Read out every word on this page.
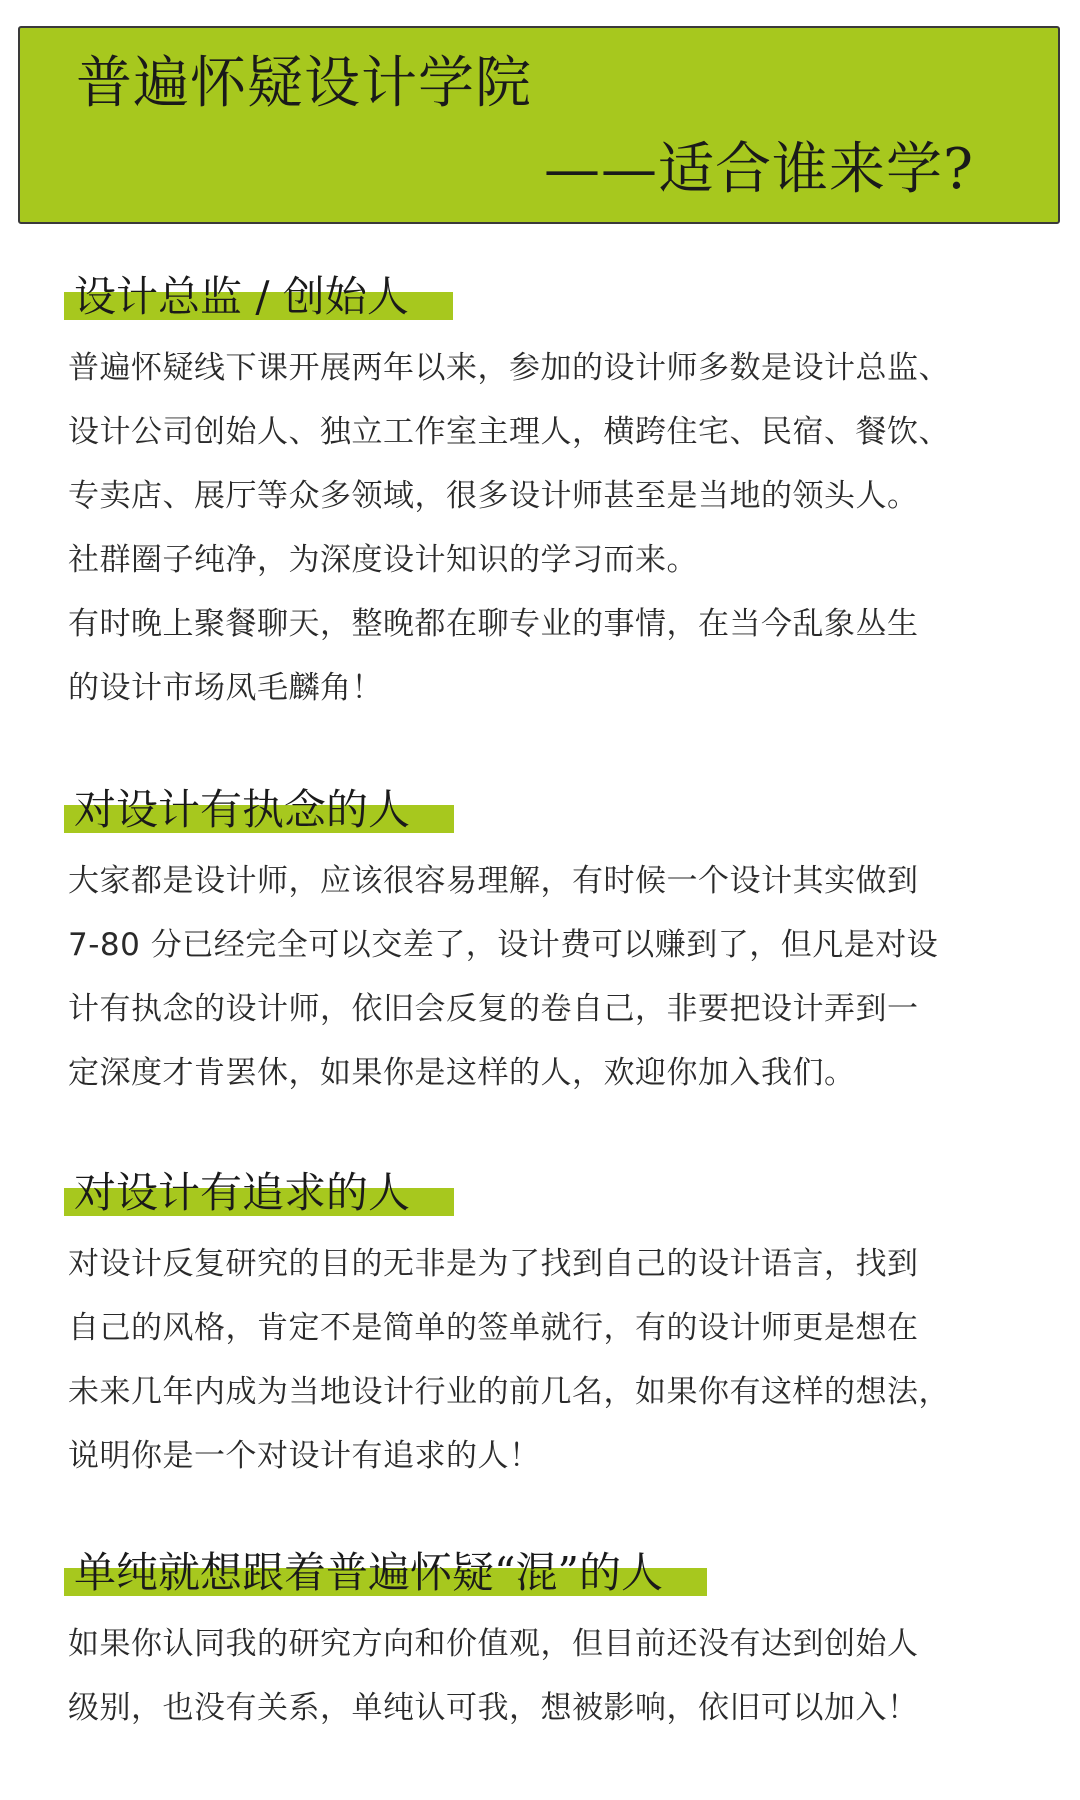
普遍怀疑设计学院
——适合谁来学?
设计总监 / 创始人

普遍怀疑线下课开展两年以来，参加的设计师多数是设计总监、

设计公司创始人、独立工作室主理人，横跨住宅、民宿、餐饮、

专卖店、展厅等众多领域，很多设计师甚至是当地的领头人。

社群圈子纯净，为深度设计知识的学习而来。

有时晚上聚餐聊天，整晚都在聊专业的事情，在当今乱象丛生

的设计市场凤毛麟角！

对设计有执念的人

大家都是设计师，应该很容易理解，有时候一个设计其实做到

7-80 分已经完全可以交差了，设计费可以赚到了，但凡是对设

计有执念的设计师，依旧会反复的卷自己，非要把设计弄到一

定深度才肯罢休，如果你是这样的人，欢迎你加入我们。

对设计有追求的人

对设计反复研究的目的无非是为了找到自己的设计语言，找到

自己的风格，肯定不是简单的签单就行，有的设计师更是想在

未来几年内成为当地设计行业的前几名，如果你有这样的想法，

说明你是一个对设计有追求的人！

单纯就想跟着普遍怀疑“混”的人

如果你认同我的研究方向和价值观，但目前还没有达到创始人

级别，也没有关系，单纯认可我，想被影响，依旧可以加入！
